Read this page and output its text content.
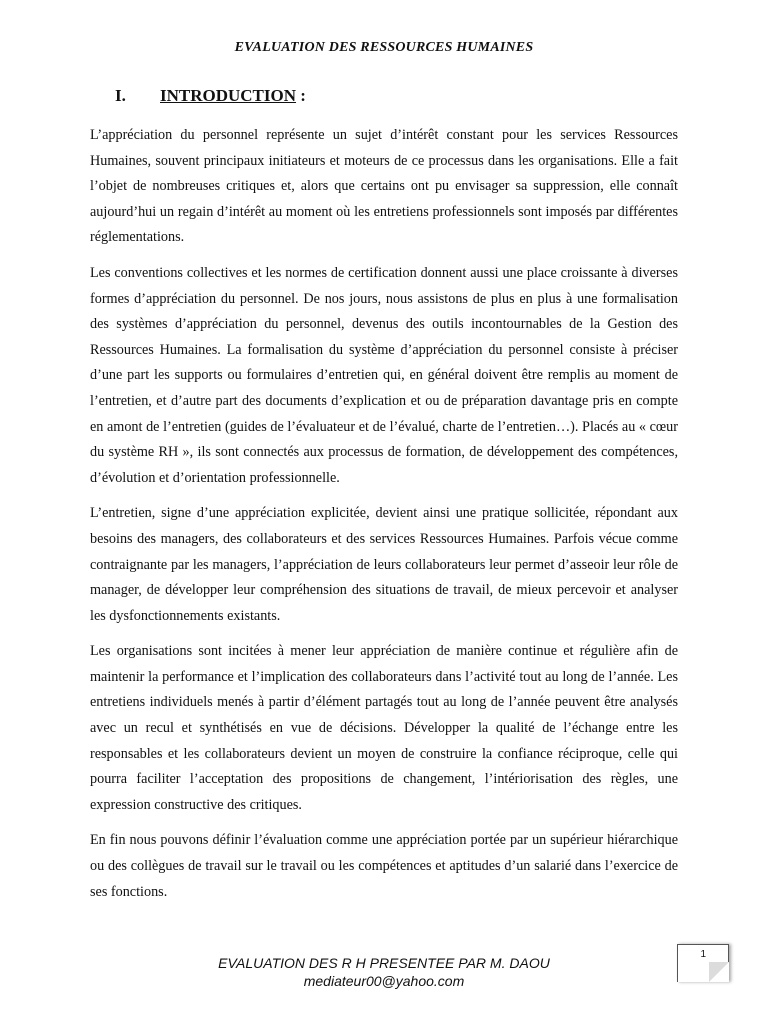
EVALUATION DES RESSOURCES HUMAINES
I. INTRODUCTION :

L’appréciation du personnel représente un sujet d’intérêt constant pour les services Ressources Humaines, souvent principaux initiateurs et moteurs de ce processus dans les organisations. Elle a fait l’objet de nombreuses critiques et, alors que certains ont pu envisager sa suppression, elle connaît aujourd’hui un regain d’intérêt au moment où les entretiens professionnels sont imposés par différentes réglementations.

Les conventions collectives et les normes de certification donnent aussi une place croissante à diverses formes d’appréciation du personnel. De nos jours, nous assistons de plus en plus à une formalisation des systèmes d’appréciation du personnel, devenus des outils incontournables de la Gestion des Ressources Humaines. La formalisation du système d’appréciation du personnel consiste à préciser d’une part les supports ou formulaires d’entretien qui, en général doivent être remplis au moment de l’entretien, et d’autre part des documents d’explication et ou de préparation davantage pris en compte en amont de l’entretien (guides de l’évaluateur et de l’évalué, charte de l’entretien…). Placés au « cœur du système RH », ils sont connectés aux processus de formation, de développement des compétences, d’évolution et d’orientation professionnelle.

L’entretien, signe d’une appréciation explicitée, devient ainsi une pratique sollicitée, répondant aux besoins des managers, des collaborateurs et des services Ressources Humaines. Parfois vécue comme contraignante par les managers, l’appréciation de leurs collaborateurs leur permet d’asseoir leur rôle de manager, de développer leur compréhension des situations de travail, de mieux percevoir et analyser les dysfonctionnements existants.

Les organisations sont incitées à mener leur appréciation de manière continue et régulière afin de maintenir la performance et l’implication des collaborateurs dans l’activité tout au long de l’année. Les entretiens individuels menés à partir d’élément partagés tout au long de l’année peuvent être analysés avec un recul et synthétisés en vue de décisions. Développer la qualité de l’échange entre les responsables et les collaborateurs devient un moyen de construire la confiance réciproque, celle qui pourra faciliter l’acceptation des propositions de changement, l’intériorisation des règles, une expression constructive des critiques.

En fin nous pouvons définir l’évaluation comme une appréciation portée par un supérieur hiérarchique ou des collègues de travail sur le travail ou les compétences et aptitudes d’un salarié dans l’exercice de ses fonctions.

EVALUATION DES R H PRESENTEE PAR M. DAOU
mediateur00@yahoo.com
1
